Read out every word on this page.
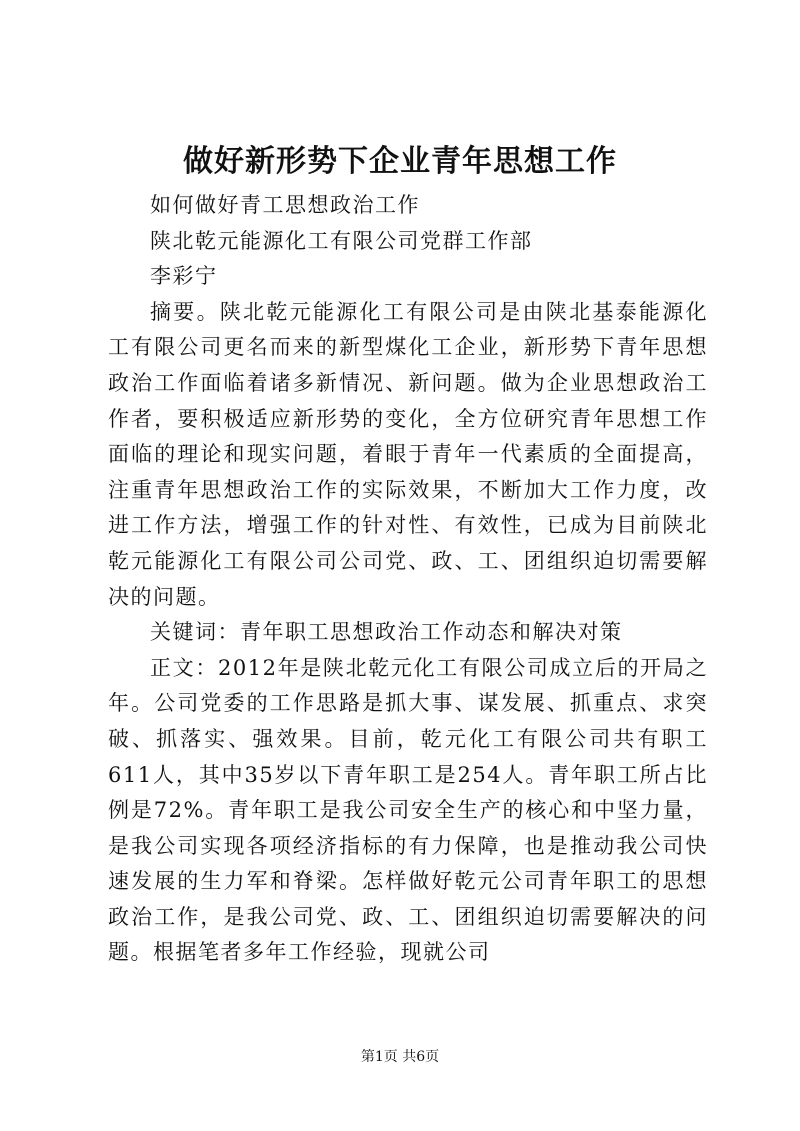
做好新形势下企业青年思想工作

如何做好青工思想政治工作

陕北乾元能源化工有限公司党群工作部

李彩宁

摘要。陕北乾元能源化工有限公司是由陕北基泰能源化工有限公司更名而来的新型煤化工企业，新形势下青年思想政治工作面临着诸多新情况、新问题。做为企业思想政治工作者，要积极适应新形势的变化，全方位研究青年思想工作面临的理论和现实问题，着眼于青年一代素质的全面提高，注重青年思想政治工作的实际效果，不断加大工作力度，改进工作方法，增强工作的针对性、有效性，已成为目前陕北乾元能源化工有限公司公司党、政、工、团组织迫切需要解决的问题。

关键词：青年职工思想政治工作动态和解决对策

正文：2012年是陕北乾元化工有限公司成立后的开局之年。公司党委的工作思路是抓大事、谋发展、抓重点、求突破、抓落实、强效果。目前，乾元化工有限公司共有职工611人，其中35岁以下青年职工是254人。青年职工所占比例是72%。青年职工是我公司安全生产的核心和中坚力量，是我公司实现各项经济指标的有力保障，也是推动我公司快速发展的生力军和脊梁。怎样做好乾元公司青年职工的思想政治工作，是我公司党、政、工、团组织迫切需要解决的问题。根据笔者多年工作经验，现就公司

第1页 共6页
